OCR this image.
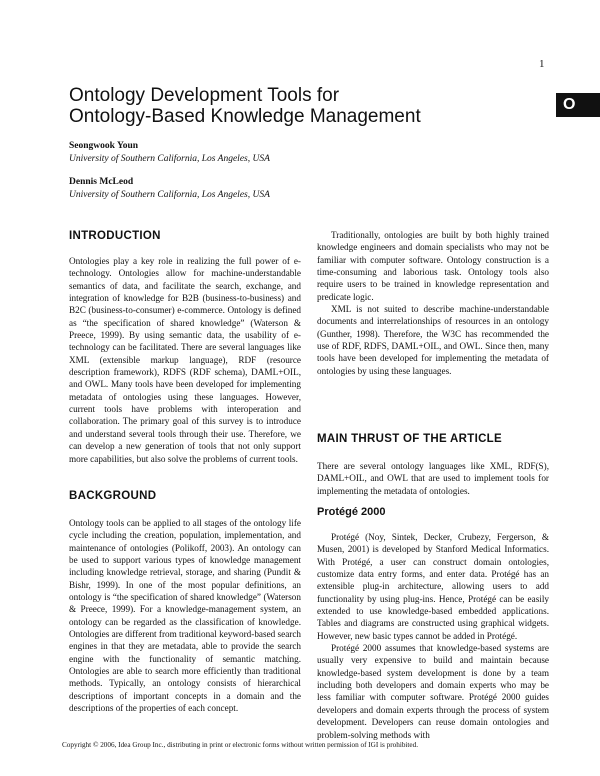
1
O
Ontology Development Tools for
Ontology-Based Knowledge Management
Seongwook Youn
University of Southern California, Los Angeles, USA
Dennis McLeod
University of Southern California, Los Angeles, USA
INTRODUCTION

Ontologies play a key role in realizing the full power of e-technology. Ontologies allow for machine-understandable semantics of data, and facilitate the search, exchange, and integration of knowledge for B2B (business-to-business) and B2C (business-to-consumer) e-commerce. Ontology is defined as “the specification of shared knowledge” (Waterson & Preece, 1999). By using semantic data, the usability of e-technology can be facilitated. There are several languages like XML (extensible markup language), RDF (resource description framework), RDFS (RDF schema), DAML+OIL, and OWL. Many tools have been developed for implementing metadata of ontologies using these languages. However, current tools have problems with interoperation and collaboration. The primary goal of this survey is to introduce and understand several tools through their use. Therefore, we can develop a new generation of tools that not only support more capabilities, but also solve the problems of current tools.

BACKGROUND

Ontology tools can be applied to all stages of the ontology life cycle including the creation, population, implementation, and maintenance of ontologies (Polikoff, 2003). An ontology can be used to support various types of knowledge management including knowledge retrieval, storage, and sharing (Pundit & Bishr, 1999). In one of the most popular definitions, an ontology is “the specification of shared knowledge” (Waterson & Preece, 1999). For a knowledge-management system, an ontology can be regarded as the classification of knowledge. Ontologies are different from traditional keyword-based search engines in that they are metadata, able to provide the search engine with the functionality of semantic matching. Ontologies are able to search more efficiently than traditional methods. Typically, an ontology consists of hierarchical descriptions of important concepts in a domain and the descriptions of the properties of each concept.

Traditionally, ontologies are built by both highly trained knowledge engineers and domain specialists who may not be familiar with computer software. Ontology construction is a time-consuming and laborious task. Ontology tools also require users to be trained in knowledge representation and predicate logic.

XML is not suited to describe machine-understandable documents and interrelationships of resources in an ontology (Gunther, 1998). Therefore, the W3C has recommended the use of RDF, RDFS, DAML+OIL, and OWL. Since then, many tools have been developed for implementing the metadata of ontologies by using these languages.

MAIN THRUST OF THE ARTICLE

There are several ontology languages like XML, RDF(S), DAML+OIL, and OWL that are used to implement tools for implementing the metadata of ontologies.

Protégé 2000

Protégé (Noy, Sintek, Decker, Crubezy, Fergerson, & Musen, 2001) is developed by Stanford Medical Informatics. With Protégé, a user can construct domain ontologies, customize data entry forms, and enter data. Protégé has an extensible plug-in architecture, allowing users to add functionality by using plug-ins. Hence, Protégé can be easily extended to use knowledge-based embedded applications. Tables and diagrams are constructed using graphical widgets. However, new basic types cannot be added in Protégé.

Protégé 2000 assumes that knowledge-based systems are usually very expensive to build and maintain because knowledge-based system development is done by a team including both developers and domain experts who may be less familiar with computer software. Protégé 2000 guides developers and domain experts through the process of system development. Developers can reuse domain ontologies and problem-solving methods with

Copyright © 2006, Idea Group Inc., distributing in print or electronic forms without written permission of IGI is prohibited.
